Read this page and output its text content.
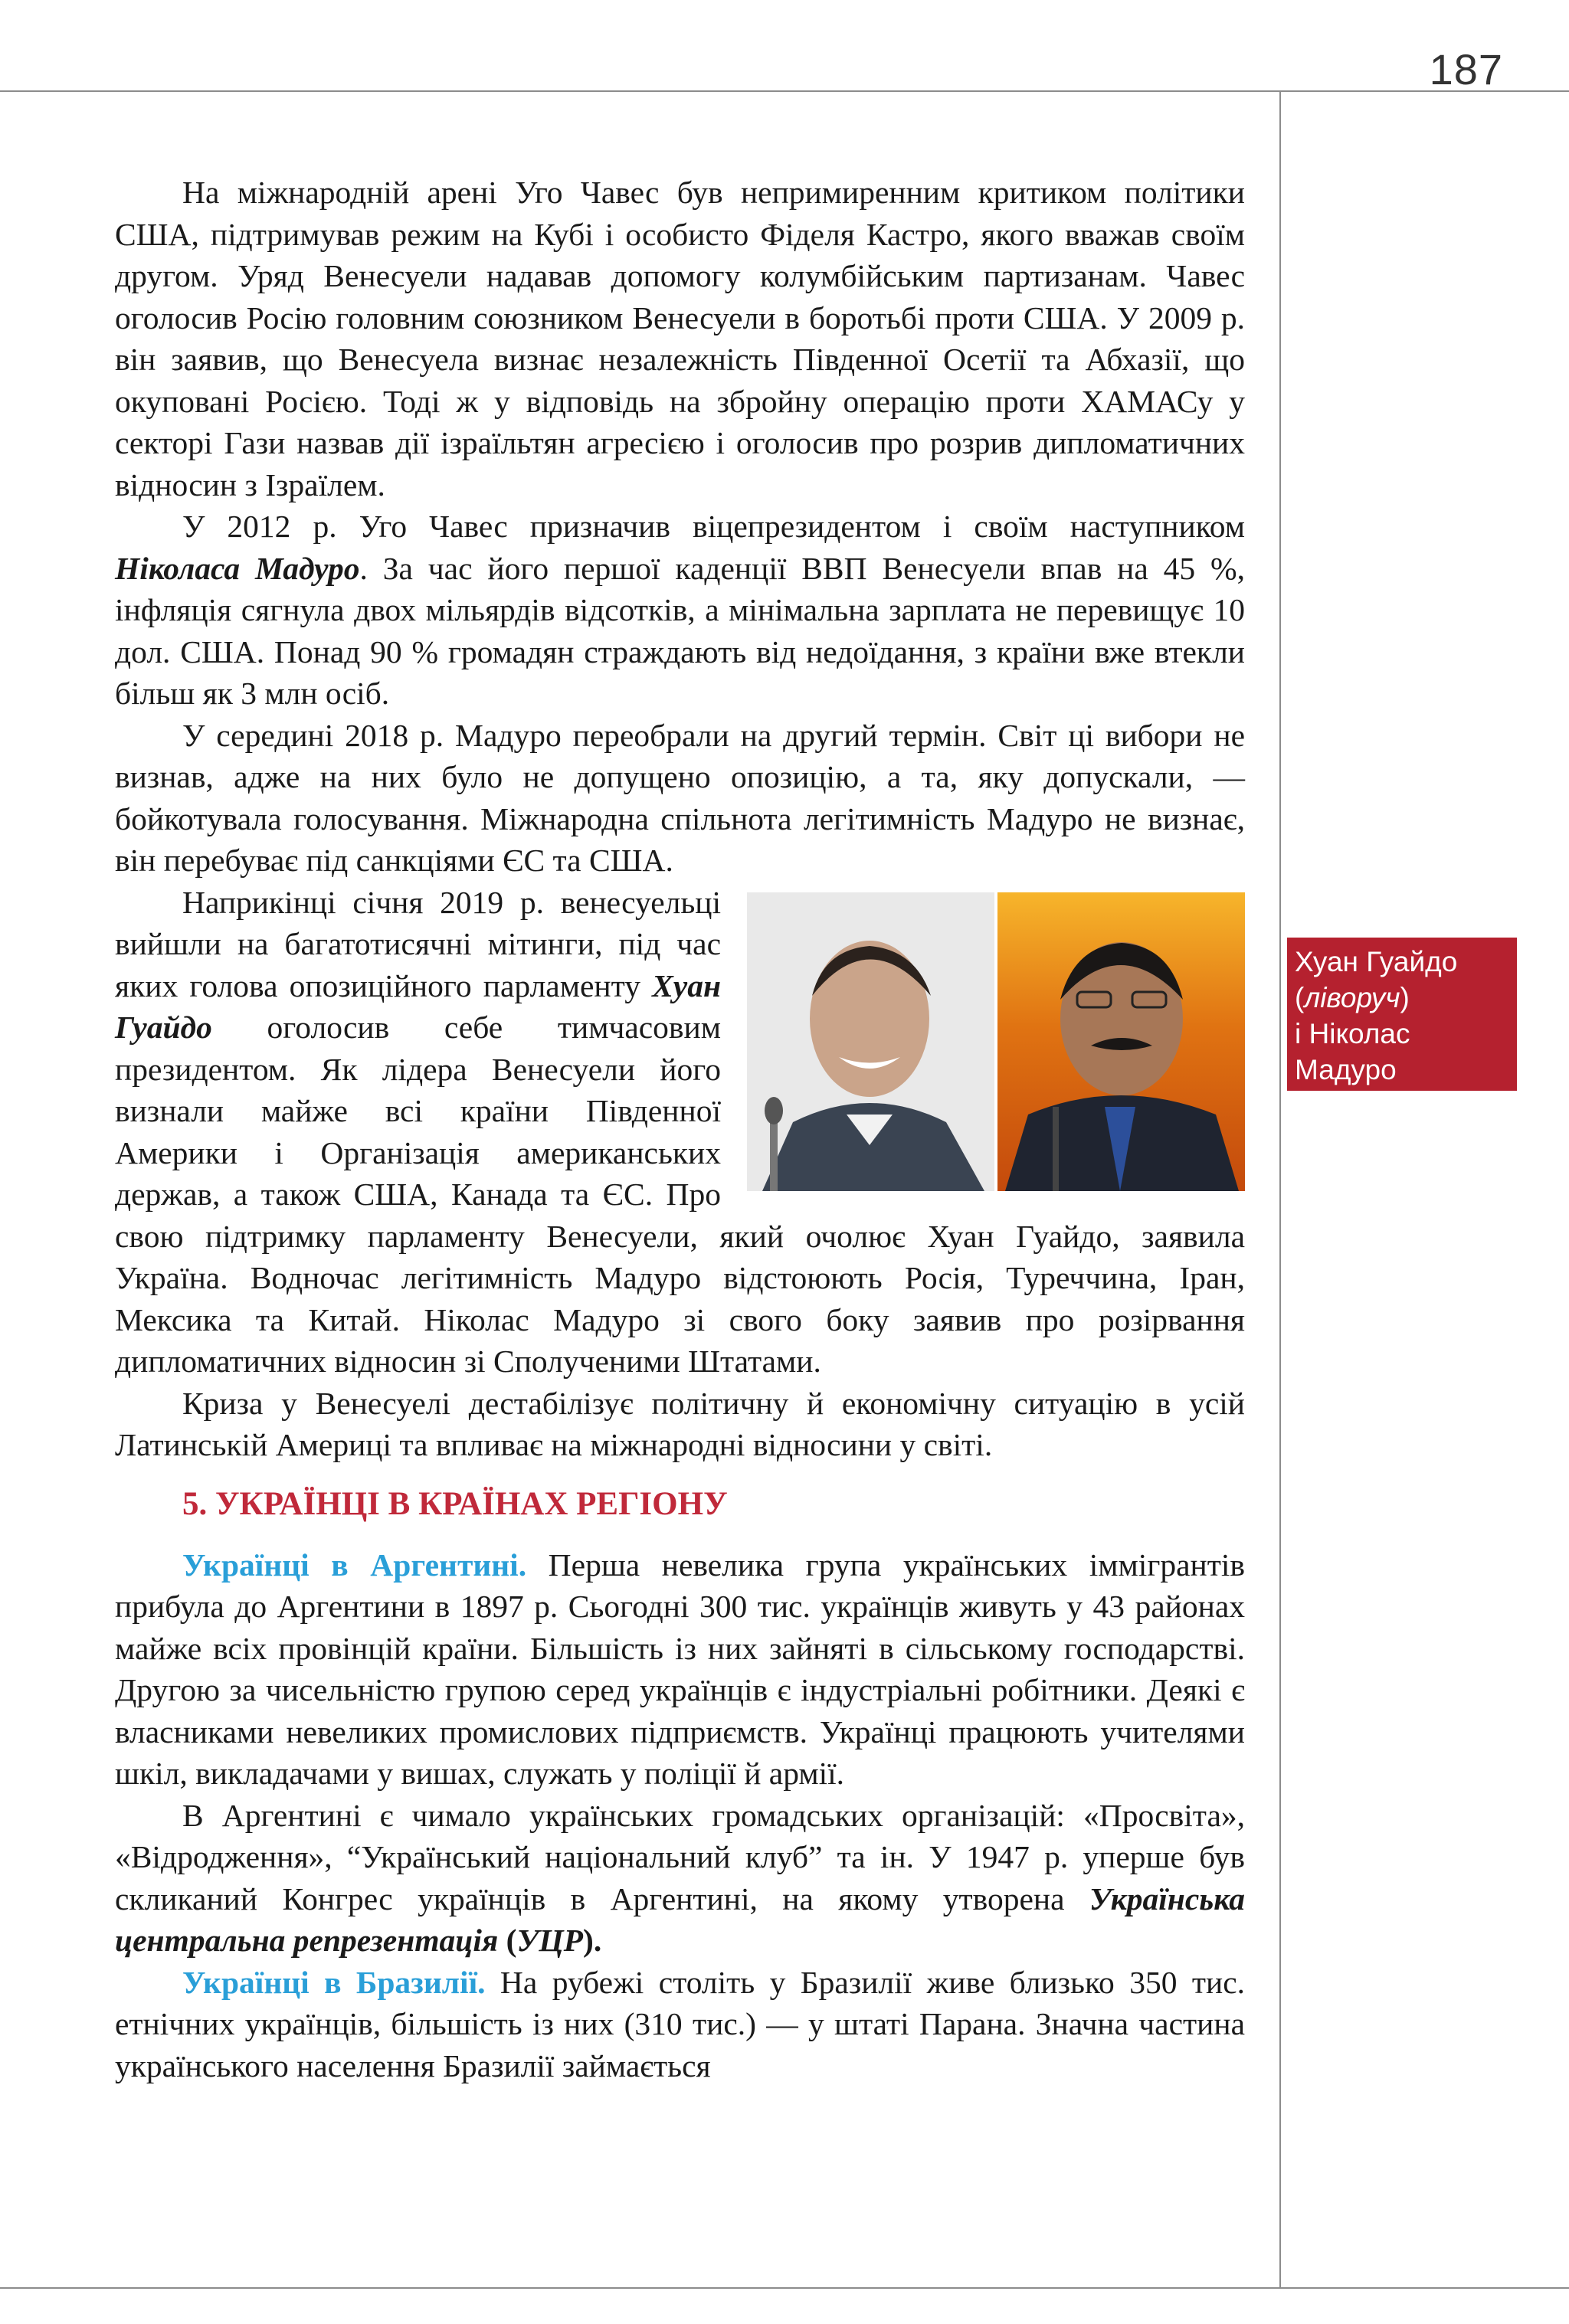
187

На міжнародній арені Уго Чавес був непримиренним критиком політики США, підтримував режим на Кубі і особисто Фіделя Кастро, якого вважав своїм другом. Уряд Венесуели надавав допомогу колумбійським партизанам. Чавес оголосив Росію головним союзником Венесуели в боротьбі проти США. У 2009 р. він заявив, що Венесуела визнає незалежність Південної Осетії та Абхазії, що окуповані Росією. Тоді ж у відповідь на збройну операцію проти ХАМАСу у секторі Гази назвав дії ізраїльтян агресією і оголосив про розрив дипломатичних відносин з Ізраїлем.

У 2012 р. Уго Чавес призначив віцепрезидентом і своїм наступником Ніколаса Мадуро. За час його першої каденції ВВП Венесуели впав на 45 %, інфляція сягнула двох мільярдів відсотків, а мінімальна зарплата не перевищує 10 дол. США. Понад 90 % громадян страждають від недоїдання, з країни вже втекли більш як 3 млн осіб.

У середині 2018 р. Мадуро переобрали на другий термін. Світ ці вибори не визнав, адже на них було не допущено опозицію, а та, яку допускали, — бойкотувала голосування. Міжнародна спільнота легітимність Мадуро не визнає, він перебуває під санкціями ЄС та США.

Наприкінці січня 2019 р. венесуельці вийшли на багатотисячні мітинги, під час яких голова опозиційного парламенту Хуан Гуайдо оголосив себе тимчасовим президентом. Як лідера Венесуели його визнали майже всі країни Південної Америки і Організація американських держав, а також США, Канада та ЄС. Про свою підтримку парламенту Венесуели, який очолює Хуан Гуайдо, заявила Україна. Водночас легітимність Мадуро відстоюють Росія, Туреччина, Іран, Мексика та Китай. Ніколас Мадуро зі свого боку заявив про розірвання дипломатичних відносин зі Сполученими Штатами.

Криза у Венесуелі дестабілізує політичну й економічну ситуацію в усій Латинській Америці та впливає на міжнародні відносини у світі.

5. УКРАЇНЦІ В КРАЇНАХ РЕГІОНУ

Українці в Аргентині. Перша невелика група українських іммігрантів прибула до Аргентини в 1897 р. Сьогодні 300 тис. українців живуть у 43 районах майже всіх провінцій країни. Більшість із них зайняті в сільському господарстві. Другою за чисельністю групою серед українців є індустріальні робітники. Деякі є власниками невеликих промислових підприємств. Українці працюють учителями шкіл, викладачами у вишах, служать у поліції й армії.

В Аргентині є чимало українських громадських організацій: «Просвіта», «Відродження», “Український національний клуб” та ін. У 1947 р. уперше був скликаний Конгрес українців в Аргентині, на якому утворена Українська центральна репрезентація (УЦР).

Українці в Бразилії. На рубежі століть у Бразилії живе близько 350 тис. етнічних українців, більшість із них (310 тис.) — у штаті Парана. Значна частина українського населення Бразилії займається

Хуан Гуайдо
(ліворуч)
і Ніколас
Мадуро
